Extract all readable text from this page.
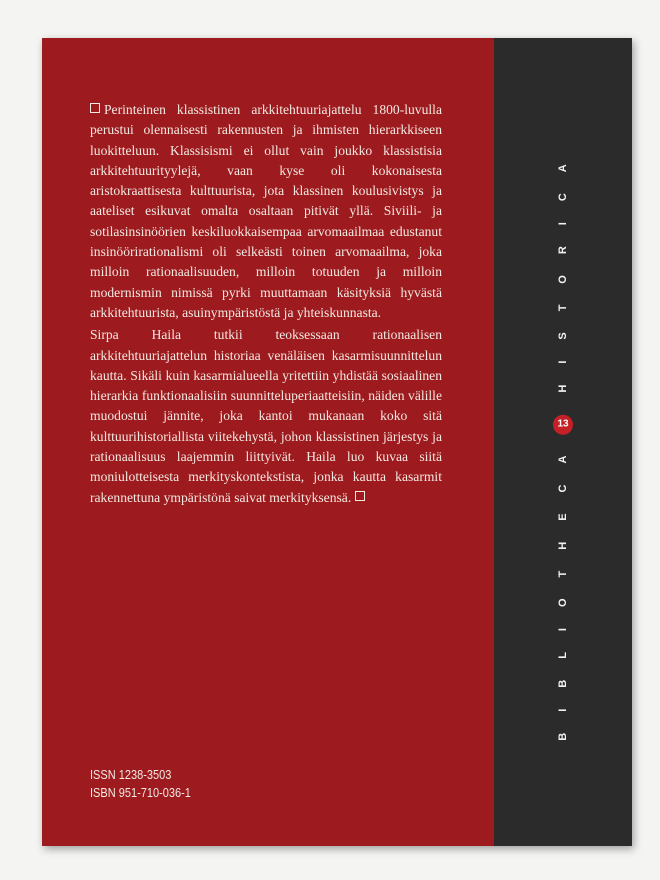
Perinteinen klassistinen arkkitehtuuriajattelu 1800-luvulla perustui olennaisesti rakennusten ja ihmisten hierarkkiseen luokitteluun. Klassisismi ei ollut vain joukko klassistisia arkkitehtuurityylejä, vaan kyse oli kokonaisesta aristokraattisesta kulttuurista, jota klassinen koulusivistys ja aateliset esikuvat omalta osaltaan pitivät yllä. Siviili- ja sotilasinsinöörien keskiluokkaisempaa arvomaailmaa edustanut insinöörirationalismi oli selkeästi toinen arvomaailma, joka milloin rationaalisuuden, milloin totuuden ja milloin modernismin nimissä pyrki muuttamaan käsityksiä hyvästä arkkitehtuurista, asuinympäristöstä ja yhteiskunnasta.

Sirpa Haila tutkii teoksessaan rationaalisen arkkitehtuuriajattelun historiaa venäläisen kasarmisuunnittelun kautta. Sikäli kuin kasarmialueella yritettiin yhdistää sosiaalinen hierarkia funktionaalisiin suunnitteluperiaatteisiin, näiden välille muodostui jännite, joka kantoi mukanaan koko sitä kulttuurihistoriallista viitekehystä, johon klassistinen järjestys ja rationaalisuus laajemmin liittyivät. Haila luo kuvaa siitä moniulotteisesta merkityskontekstista, jonka kautta kasarmit rakennettuna ympäristönä saivat merkityksensä.

ISSN 1238-3503
ISBN 951-710-036-1
BIBLIOTHECA
13
HISTORICA
